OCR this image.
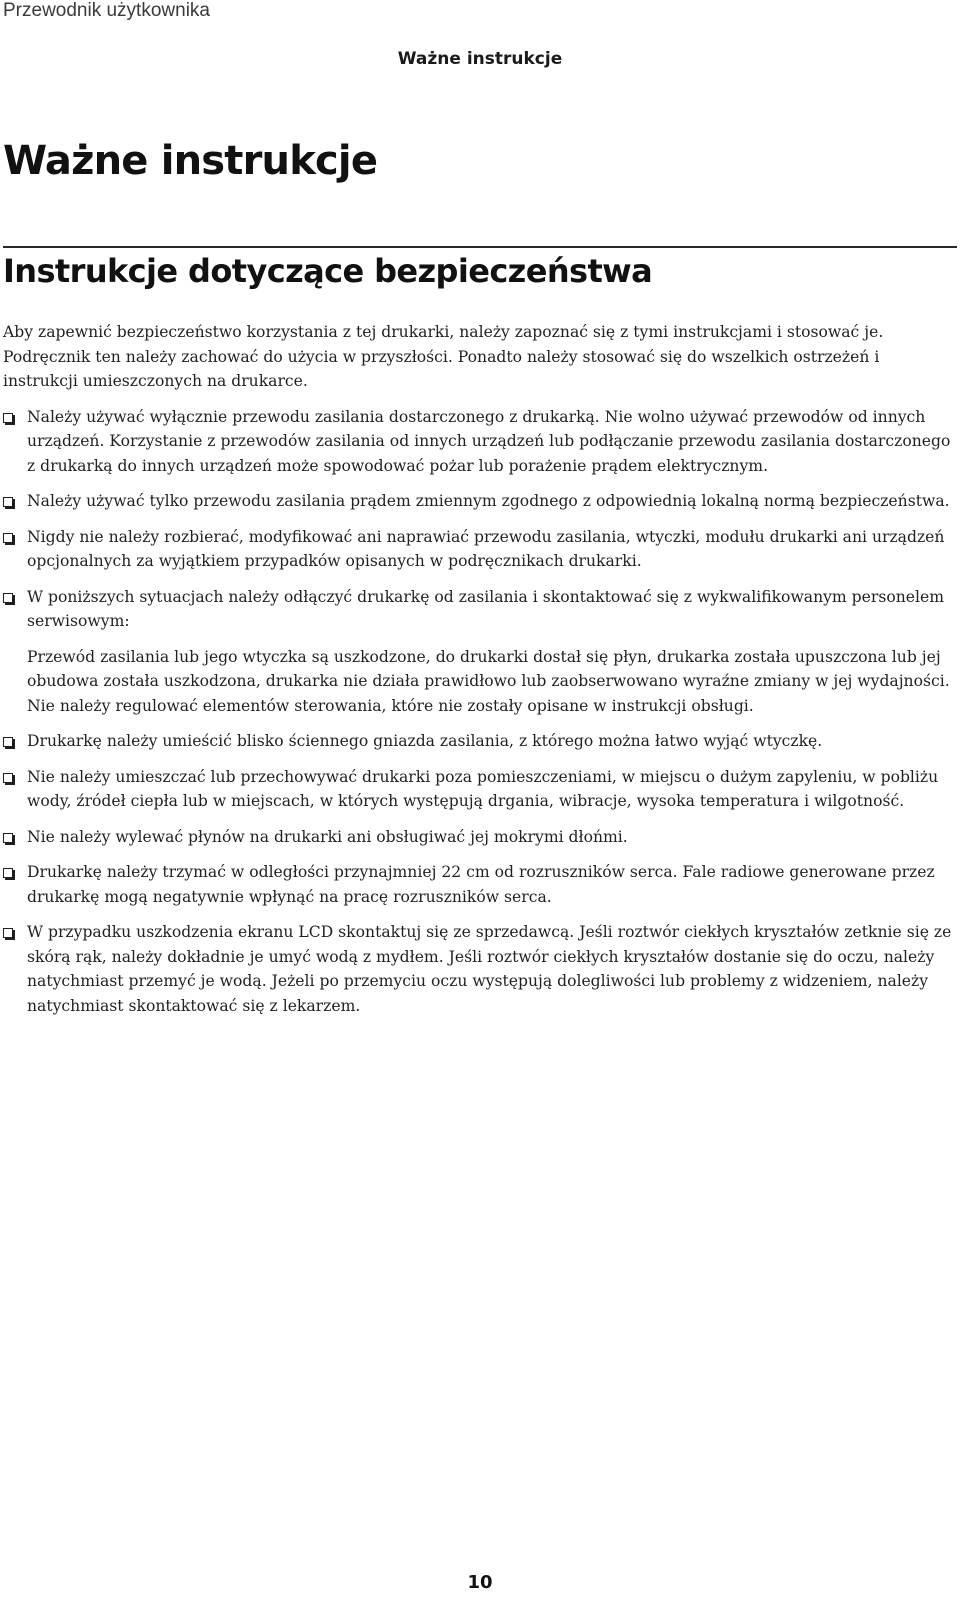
Przewodnik użytkownika
Ważne instrukcje
Ważne instrukcje
Instrukcje dotyczące bezpieczeństwa

Aby zapewnić bezpieczeństwo korzystania z tej drukarki, należy zapoznać się z tymi instrukcjami i stosować je. Podręcznik ten należy zachować do użycia w przyszłości. Ponadto należy stosować się do wszelkich ostrzeżeń i instrukcji umieszczonych na drukarce.

Należy używać wyłącznie przewodu zasilania dostarczonego z drukarką. Nie wolno używać przewodów od innych urządzeń. Korzystanie z przewodów zasilania od innych urządzeń lub podłączanie przewodu zasilania dostarczonego z drukarką do innych urządzeń może spowodować pożar lub porażenie prądem elektrycznym.
Należy używać tylko przewodu zasilania prądem zmiennym zgodnego z odpowiednią lokalną normą bezpieczeństwa.
Nigdy nie należy rozbierać, modyfikować ani naprawiać przewodu zasilania, wtyczki, modułu drukarki ani urządzeń opcjonalnych za wyjątkiem przypadków opisanych w podręcznikach drukarki.
W poniższych sytuacjach należy odłączyć drukarkę od zasilania i skontaktować się z wykwalifikowanym personelem serwisowym:
Przewód zasilania lub jego wtyczka są uszkodzone, do drukarki dostał się płyn, drukarka została upuszczona lub jej obudowa została uszkodzona, drukarka nie działa prawidłowo lub zaobserwowano wyraźne zmiany w jej wydajności. Nie należy regulować elementów sterowania, które nie zostały opisane w instrukcji obsługi.
Drukarkę należy umieścić blisko ściennego gniazda zasilania, z którego można łatwo wyjąć wtyczkę.
Nie należy umieszczać lub przechowywać drukarki poza pomieszczeniami, w miejscu o dużym zapyleniu, w pobliżu wody, źródeł ciepła lub w miejscach, w których występują drgania, wibracje, wysoka temperatura i wilgotność.
Nie należy wylewać płynów na drukarki ani obsługiwać jej mokrymi dłońmi.
Drukarkę należy trzymać w odległości przynajmniej 22 cm od rozruszników serca. Fale radiowe generowane przez drukarkę mogą negatywnie wpłynąć na pracę rozruszników serca.
W przypadku uszkodzenia ekranu LCD skontaktuj się ze sprzedawcą. Jeśli roztwór ciekłych kryształów zetknie się ze skórą rąk, należy dokładnie je umyć wodą z mydłem. Jeśli roztwór ciekłych kryształów dostanie się do oczu, należy natychmiast przemyć je wodą. Jeżeli po przemyciu oczu występują dolegliwości lub problemy z widzeniem, należy natychmiast skontaktować się z lekarzem.
10
